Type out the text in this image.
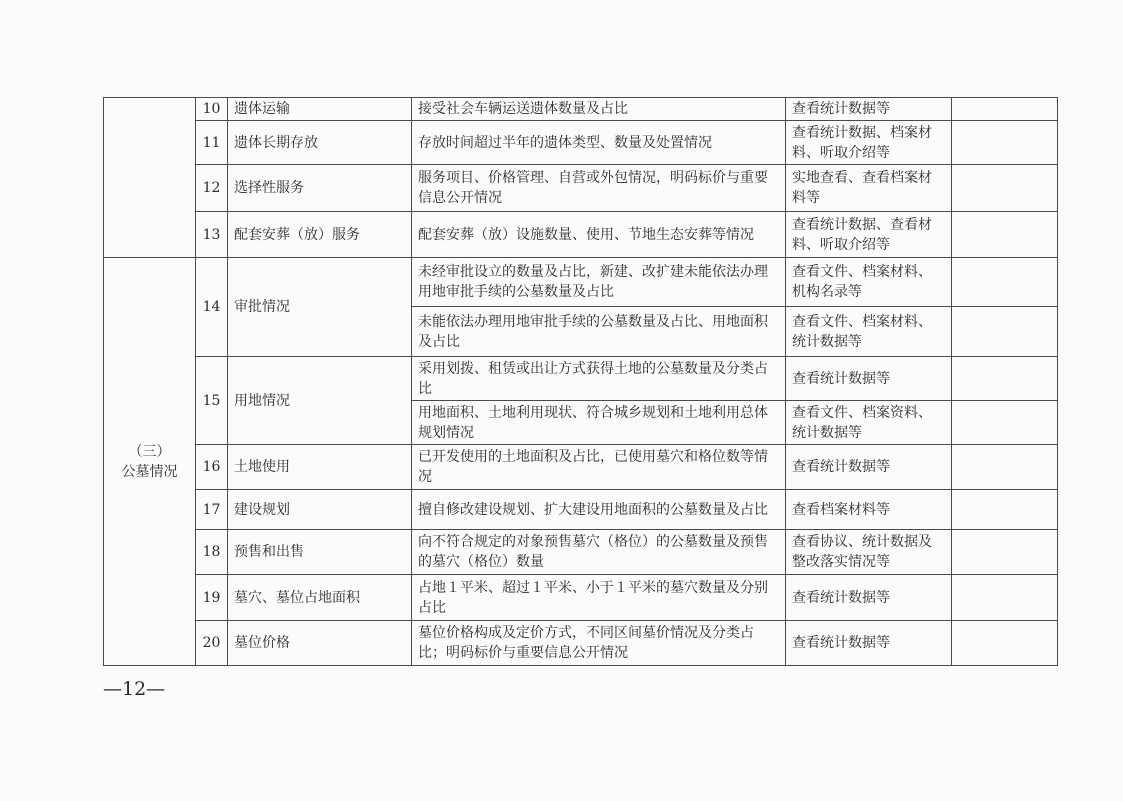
	10	遗体运输	接受社会车辆运送遗体数量及占比	查看统计数据等	
	11	遗体长期存放	存放时间超过半年的遗体类型、数量及处置情况	查看统计数据、档案材料、听取介绍等	
	12	选择性服务	服务项目、价格管理、自营或外包情况，明码标价与重要信息公开情况	实地查看、查看档案材料等	
	13	配套安葬（放）服务	配套安葬（放）设施数量、使用、节地生态安葬等情况	查看统计数据、查看材料、听取介绍等	

（三）
公墓情况	14	审批情况	未经审批设立的数量及占比，新建、改扩建未能依法办理用地审批手续的公墓数量及占比	查看文件、档案材料、机构名录等	
			未能依法办理用地审批手续的公墓数量及占比、用地面积及占比	查看文件、档案材料、统计数据等	
	15	用地情况	采用划拨、租赁或出让方式获得土地的公墓数量及分类占比	查看统计数据等	
			用地面积、土地利用现状、符合城乡规划和土地利用总体规划情况	查看文件、档案资料、统计数据等	
	16	土地使用	已开发使用的土地面积及占比，已使用墓穴和格位数等情况	查看统计数据等	
	17	建设规划	擅自修改建设规划、扩大建设用地面积的公墓数量及占比	查看档案材料等	
	18	预售和出售	向不符合规定的对象预售墓穴（格位）的公墓数量及预售的墓穴（格位）数量	查看协议、统计数据及整改落实情况等	
	19	墓穴、墓位占地面积	占地１平米、超过１平米、小于１平米的墓穴数量及分别占比	查看统计数据等	
	20	墓位价格	墓位价格构成及定价方式，不同区间墓价情况及分类占比；明码标价与重要信息公开情况	查看统计数据等	
—12—
